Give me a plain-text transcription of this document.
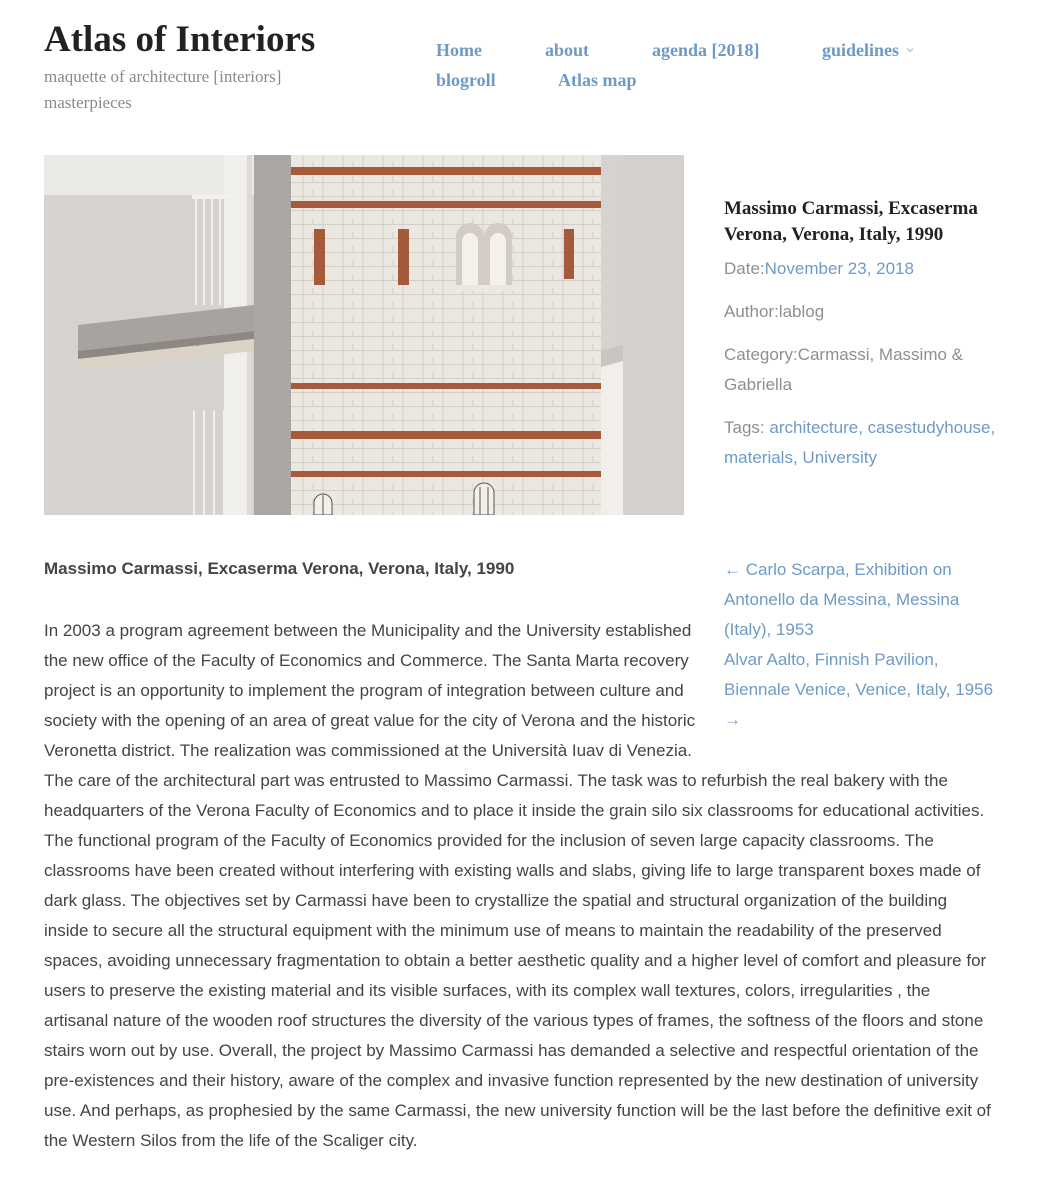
Atlas of Interiors

maquette of architecture [interiors] masterpieces

Home	about	agenda [2018]	guidelines
blogroll	Atlas map
Massimo Carmassi, Excaserma Verona, Verona, Italy, 1990
Date:November 23, 2018
Author:lablog
Category:Carmassi, Massimo & Gabriella
Tags: architecture, casestudyhouse, materials, University
← Carlo Scarpa, Exhibition on Antonello da Messina, Messina (Italy), 1953
Alvar Aalto, Finnish Pavilion, Biennale Venice, Venice, Italy, 1956 →

Massimo Carmassi, Excaserma Verona, Verona, Italy, 1990

In 2003 a program agreement between the Municipality and the University established the new office of the Faculty of Economics and Commerce. The Santa Marta recovery project is an opportunity to implement the program of integration between culture and society with the opening of an area of great value for the city of Verona and the historic Veronetta district. The realization was commissioned at the Università Iuav di Venezia. The care of the architectural part was entrusted to Massimo Carmassi. The task was to refurbish the real bakery with the headquarters of the Verona Faculty of Economics and to place it inside the grain silo six classrooms for educational activities. The functional program of the Faculty of Economics provided for the inclusion of seven large capacity classrooms. The classrooms have been created without interfering with existing walls and slabs, giving life to large transparent boxes made of dark glass. The objectives set by Carmassi have been to crystallize the spatial and structural organization of the building inside to secure all the structural equipment with the minimum use of means to maintain the readability of the preserved spaces, avoiding unnecessary fragmentation to obtain a better aesthetic quality and a higher level of comfort and pleasure for users to preserve the existing material and its visible surfaces, with its complex wall textures, colors, irregularities , the artisanal nature of the wooden roof structures the diversity of the various types of frames, the softness of the floors and stone stairs worn out by use. Overall, the project by Massimo Carmassi has demanded a selective and respectful orientation of the pre-existences and their history, aware of the complex and invasive function represented by the new destination of university use. And perhaps, as prophesied by the same Carmassi, the new university function will be the last before the definitive exit of the Western Silos from the life of the Scaliger city.
